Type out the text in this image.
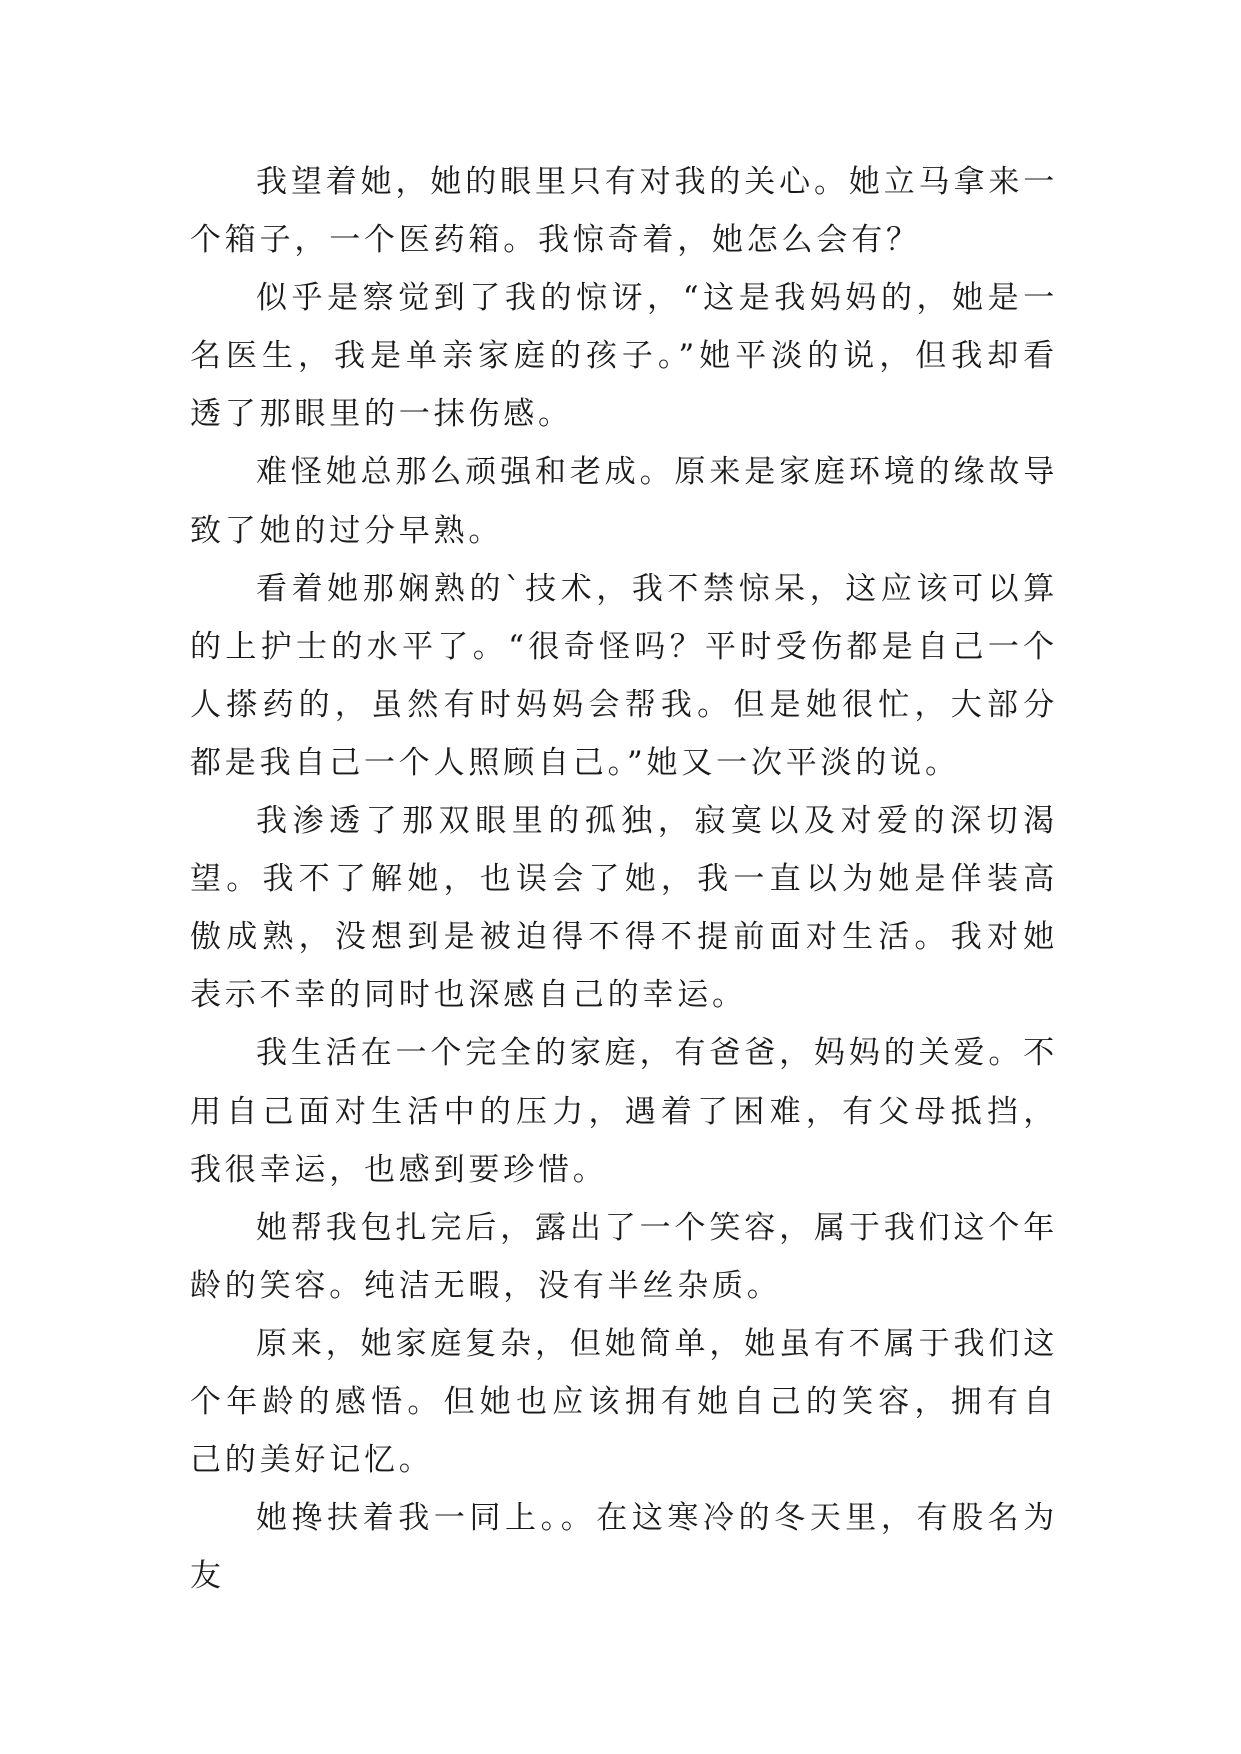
我望着她，她的眼里只有对我的关心。她立马拿来一个箱子，一个医药箱。我惊奇着，她怎么会有？

似乎是察觉到了我的惊讶，“这是我妈妈的，她是一名医生，我是单亲家庭的孩子。”她平淡的说，但我却看透了那眼里的一抹伤感。

难怪她总那么顽强和老成。原来是家庭环境的缘故导致了她的过分早熟。

看着她那娴熟的`技术，我不禁惊呆，这应该可以算的上护士的水平了。“很奇怪吗？平时受伤都是自己一个人搽药的，虽然有时妈妈会帮我。但是她很忙，大部分都是我自己一个人照顾自己。”她又一次平淡的说。

我渗透了那双眼里的孤独，寂寞以及对爱的深切渴望。我不了解她，也误会了她，我一直以为她是佯装高傲成熟，没想到是被迫得不得不提前面对生活。我对她表示不幸的同时也深感自己的幸运。

我生活在一个完全的家庭，有爸爸，妈妈的关爱。不用自己面对生活中的压力，遇着了困难，有父母抵挡，我很幸运，也感到要珍惜。

她帮我包扎完后，露出了一个笑容，属于我们这个年龄的笑容。纯洁无暇，没有半丝杂质。

原来，她家庭复杂，但她简单，她虽有不属于我们这个年龄的感悟。但她也应该拥有她自己的笑容，拥有自己的美好记忆。

她搀扶着我一同上。。在这寒冷的冬天里，有股名为友
